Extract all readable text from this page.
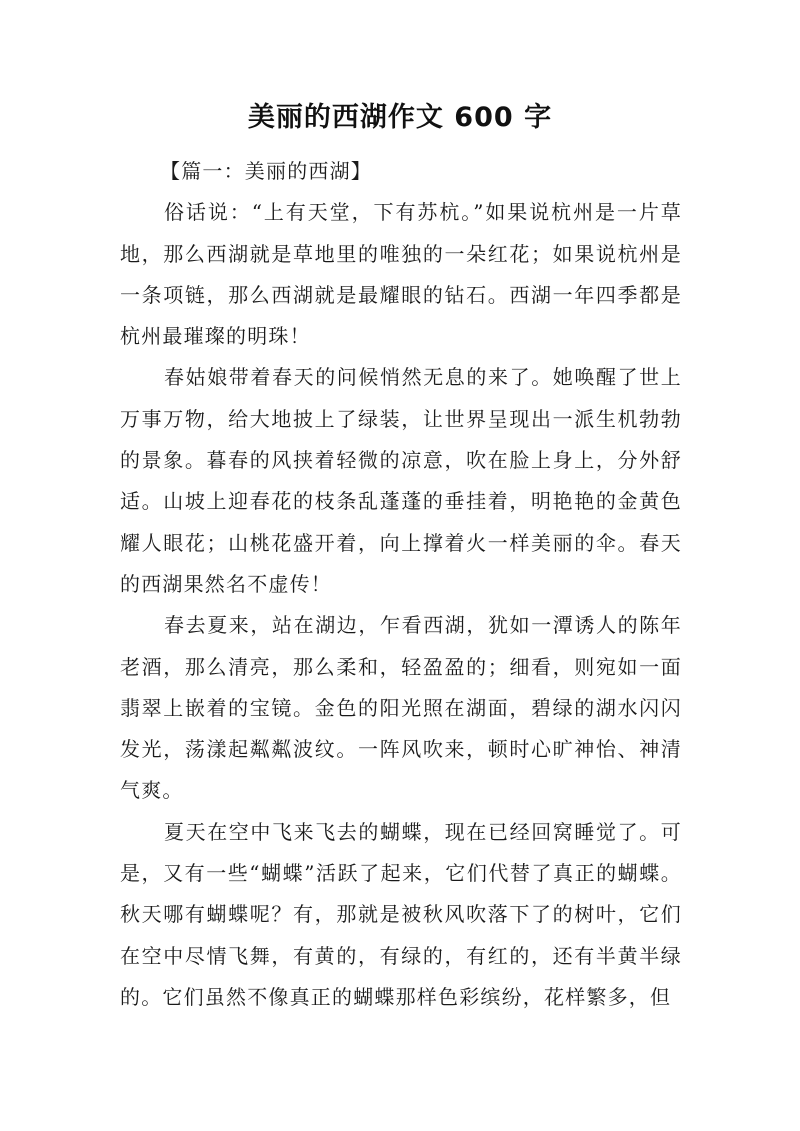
美丽的西湖作文 600 字

【篇一：美丽的西湖】

俗话说：“上有天堂，下有苏杭。”如果说杭州是一片草地，那么西湖就是草地里的唯独的一朵红花；如果说杭州是一条项链，那么西湖就是最耀眼的钻石。西湖一年四季都是杭州最璀璨的明珠！

春姑娘带着春天的问候悄然无息的来了。她唤醒了世上万事万物，给大地披上了绿装，让世界呈现出一派生机勃勃的景象。暮春的风挟着轻微的凉意，吹在脸上身上，分外舒适。山坡上迎春花的枝条乱蓬蓬的垂挂着，明艳艳的金黄色耀人眼花；山桃花盛开着，向上撑着火一样美丽的伞。春天的西湖果然名不虚传！

春去夏来，站在湖边，乍看西湖，犹如一潭诱人的陈年老酒，那么清亮，那么柔和，轻盈盈的；细看，则宛如一面翡翠上嵌着的宝镜。金色的阳光照在湖面，碧绿的湖水闪闪发光，荡漾起粼粼波纹。一阵风吹来，顿时心旷神怡、神清气爽。

夏天在空中飞来飞去的蝴蝶，现在已经回窝睡觉了。可是，又有一些“蝴蝶”活跃了起来，它们代替了真正的蝴蝶。秋天哪有蝴蝶呢？有，那就是被秋风吹落下了的树叶，它们在空中尽情飞舞，有黄的，有绿的，有红的，还有半黄半绿的。它们虽然不像真正的蝴蝶那样色彩缤纷，花样繁多，但
